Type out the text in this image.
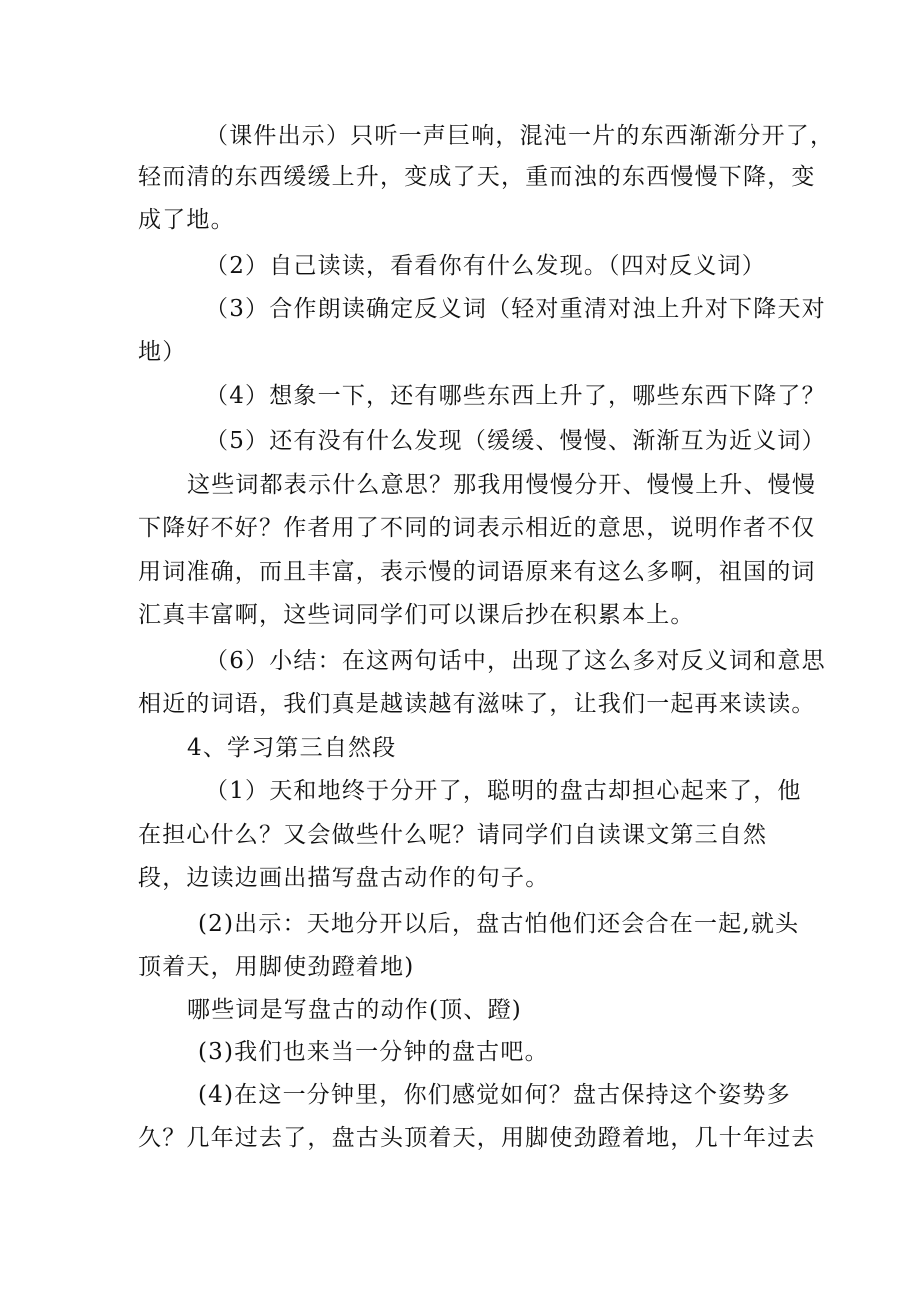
（课件出示）只听一声巨响，混沌一片的东西渐渐分开了，
轻而清的东西缓缓上升，变成了天，重而浊的东西慢慢下降，变
成了地。
（2）自己读读，看看你有什么发现。（四对反义词）
（3）合作朗读确定反义词（轻对重清对浊上升对下降天对
地）
（4）想象一下，还有哪些东西上升了，哪些东西下降了？
（5）还有没有什么发现（缓缓、慢慢、渐渐互为近义词）
这些词都表示什么意思？那我用慢慢分开、慢慢上升、慢慢
下降好不好？作者用了不同的词表示相近的意思，说明作者不仅
用词准确，而且丰富，表示慢的词语原来有这么多啊，祖国的词
汇真丰富啊，这些词同学们可以课后抄在积累本上。
（6）小结：在这两句话中，出现了这么多对反义词和意思
相近的词语，我们真是越读越有滋味了，让我们一起再来读读。
4、学习第三自然段
（1）天和地终于分开了，聪明的盘古却担心起来了，他
在担心什么？又会做些什么呢？请同学们自读课文第三自然
段，边读边画出描写盘古动作的句子。
(2)出示：天地分开以后，盘古怕他们还会合在一起,就头
顶着天，用脚使劲蹬着地)
哪些词是写盘古的动作(顶、蹬)
(3)我们也来当一分钟的盘古吧。
(4)在这一分钟里，你们感觉如何？盘古保持这个姿势多
久？几年过去了，盘古头顶着天，用脚使劲蹬着地，几十年过去
